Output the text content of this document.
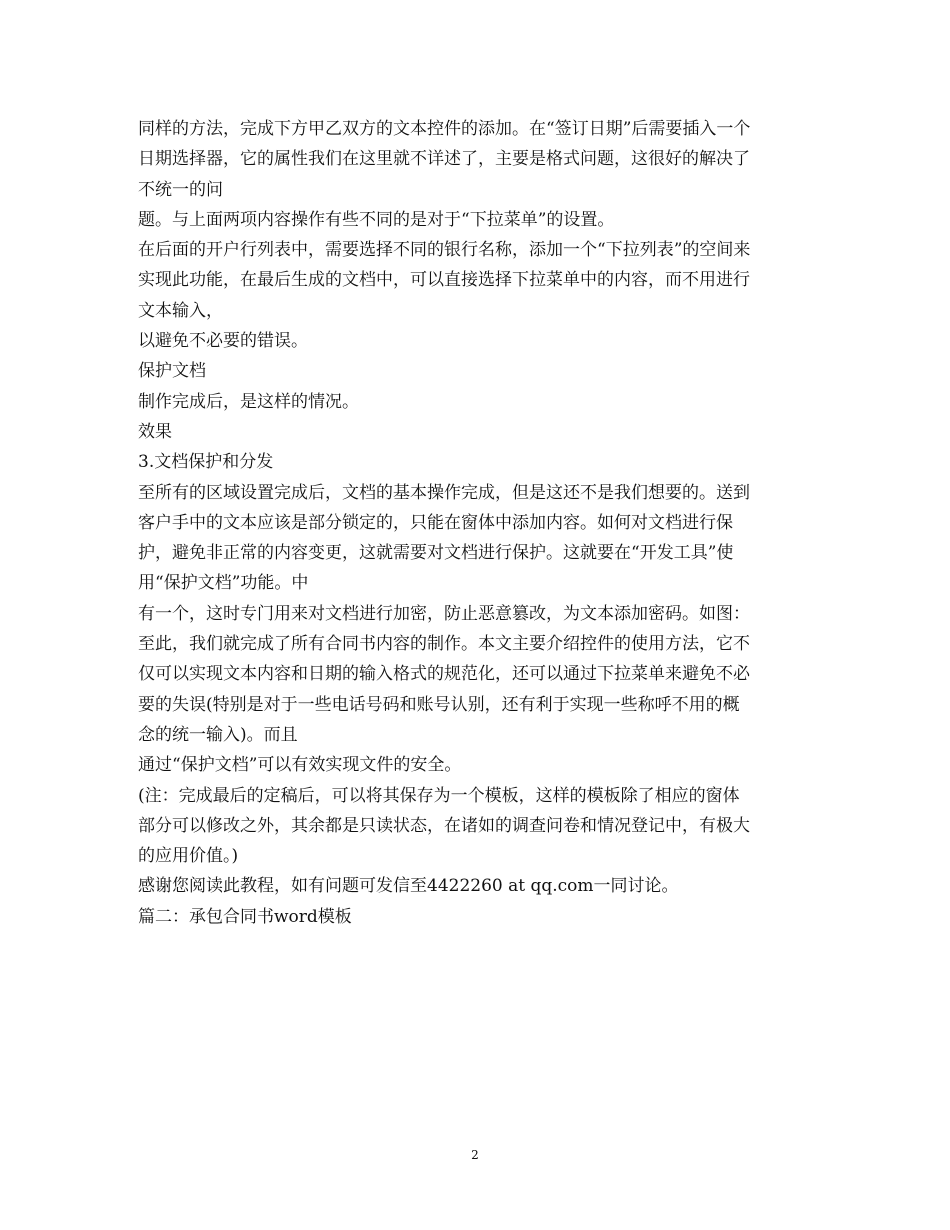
同样的方法，完成下方甲乙双方的文本控件的添加。在“签订日期”后需要插入一个

日期选择器，它的属性我们在这里就不详述了，主要是格式问题，这很好的解决了

不统一的问

题。与上面两项内容操作有些不同的是对于“下拉菜单”的设置。

在后面的开户行列表中，需要选择不同的银行名称，添加一个“下拉列表”的空间来

实现此功能，在最后生成的文档中，可以直接选择下拉菜单中的内容，而不用进行

文本输入，

以避免不必要的错误。

保护文档

制作完成后，是这样的情况。

效果

3.文档保护和分发

至所有的区域设置完成后，文档的基本操作完成，但是这还不是我们想要的。送到

客户手中的文本应该是部分锁定的，只能在窗体中添加内容。如何对文档进行保

护，避免非正常的内容变更，这就需要对文档进行保护。这就要在“开发工具”使

用“保护文档”功能。中

有一个，这时专门用来对文档进行加密，防止恶意篡改，为文本添加密码。如图：

至此，我们就完成了所有合同书内容的制作。本文主要介绍控件的使用方法，它不

仅可以实现文本内容和日期的输入格式的规范化，还可以通过下拉菜单来避免不必

要的失误(特别是对于一些电话号码和账号认别，还有利于实现一些称呼不用的概

念的统一输入)。而且

通过“保护文档”可以有效实现文件的安全。

(注：完成最后的定稿后，可以将其保存为一个模板，这样的模板除了相应的窗体

部分可以修改之外，其余都是只读状态，在诸如的调查问卷和情况登记中，有极大

的应用价值。)

感谢您阅读此教程，如有问题可发信至4422260 at qq.com一同讨论。

篇二：承包合同书word模板

2
